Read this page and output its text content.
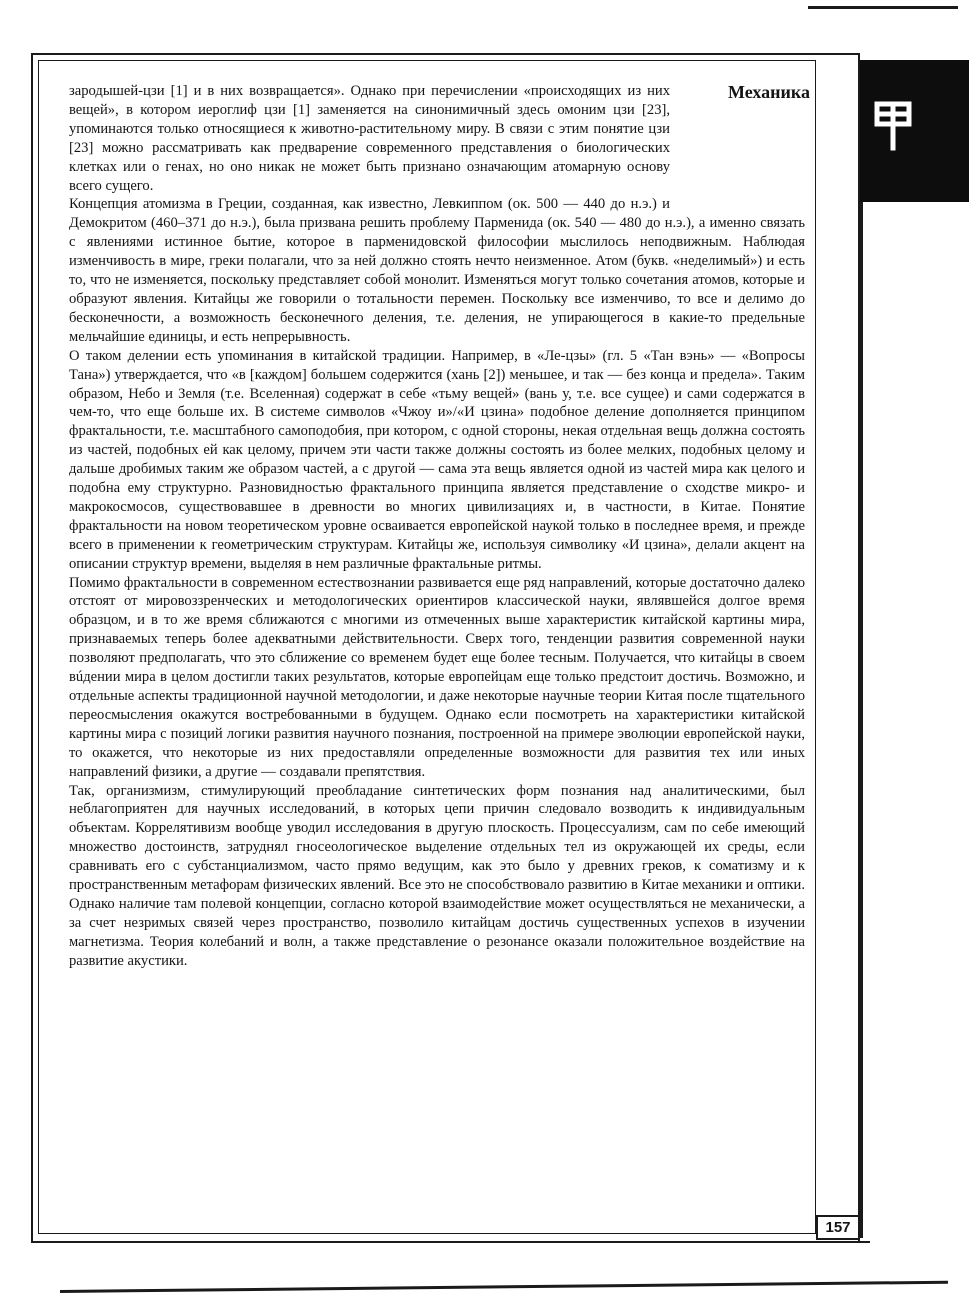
Механика

зародышей-цзи [1] и в них возвращается». Однако при перечислении «происходящих из них вещей», в котором иероглиф цзи [1] заменяется на синонимичный здесь омоним цзи [23], упоминаются только относящиеся к животно-растительному миру. В связи с этим понятие цзи [23] можно рассматривать как предварение современного представления о биологических клетках или о генах, но оно никак не может быть признано означающим атомарную основу всего сущего.

Концепция атомизма в Греции, созданная, как известно, Левкиппом (ок. 500 — 440 до н.э.) и Демокритом (460–371 до н.э.), была призвана решить проблему Парменида (ок. 540 — 480 до н.э.), а именно связать с явлениями истинное бытие, которое в парменидовской философии мыслилось неподвижным. Наблюдая изменчивость в мире, греки полагали, что за ней должно стоять нечто неизменное. Атом (букв. «неделимый») и есть то, что не изменяется, поскольку представляет собой монолит. Изменяться могут только сочетания атомов, которые и образуют явления. Китайцы же говорили о тотальности перемен. Поскольку все изменчиво, то все и делимо до бесконечности, а возможность бесконечного деления, т.е. деления, не упирающегося в какие-то предельные мельчайшие единицы, и есть непрерывность.

О таком делении есть упоминания в китайской традиции. Например, в «Ле-цзы» (гл. 5 «Тан вэнь» — «Вопросы Тана») утверждается, что «в [каждом] большем содержится (хань [2]) меньшее, и так — без конца и предела». Таким образом, Небо и Земля (т.е. Вселенная) содержат в себе «тьму вещей» (вань у, т.е. все сущее) и сами содержатся в чем-то, что еще больше их. В системе символов «Чжоу и»/«И цзина» подобное деление дополняется принципом фрактальности, т.е. масштабного самоподобия, при котором, с одной стороны, некая отдельная вещь должна состоять из частей, подобных ей как целому, причем эти части также должны состоять из более мелких, подобных целому и дальше дробимых таким же образом частей, а с другой — сама эта вещь является одной из частей мира как целого и подобна ему структурно. Разновидностью фрактального принципа является представление о сходстве микро- и макрокосмосов, существовавшее в древности во многих цивилизациях и, в частности, в Китае. Понятие фрактальности на новом теоретическом уровне осваивается европейской наукой только в последнее время, и прежде всего в применении к геометрическим структурам. Китайцы же, используя символику «И цзина», делали акцент на описании структур времени, выделяя в нем различные фрактальные ритмы.

Помимо фрактальности в современном естествознании развивается еще ряд направлений, которые достаточно далеко отстоят от мировоззренческих и методологических ориентиров классической науки, являвшейся долгое время образцом, и в то же время сближаются с многими из отмеченных выше характеристик китайской картины мира, признаваемых теперь более адекватными действительности. Сверх того, тенденции развития современной науки позволяют предполагать, что это сближение со временем будет еще более тесным. Получается, что китайцы в своем вúдении мира в целом достигли таких результатов, которые европейцам еще только предстоит достичь. Возможно, и отдельные аспекты традиционной научной методологии, и даже некоторые научные теории Китая после тщательного переосмысления окажутся востребованными в будущем. Однако если посмотреть на характеристики китайской картины мира с позиций логики развития научного познания, построенной на примере эволюции европейской науки, то окажется, что некоторые из них предоставляли определенные возможности для развития тех или иных направлений физики, а другие — создавали препятствия.

Так, организмизм, стимулирующий преобладание синтетических форм познания над аналитическими, был неблагоприятен для научных исследований, в которых цепи причин следовало возводить к индивидуальным объектам. Коррелятивизм вообще уводил исследования в другую плоскость. Процессуализм, сам по себе имеющий множество достоинств, затруднял гносеологическое выделение отдельных тел из окружающей их среды, если сравнивать его с субстанциализмом, часто прямо ведущим, как это было у древних греков, к соматизму и к пространственным метафорам физических явлений. Все это не способствовало развитию в Китае механики и оптики. Однако наличие там полевой концепции, согласно которой взаимодействие может осуществляться не механически, а за счет незримых связей через пространство, позволило китайцам достичь существенных успехов в изучении магнетизма. Теория колебаний и волн, а также представление о резонансе оказали положительное воздействие на развитие акустики.

157
